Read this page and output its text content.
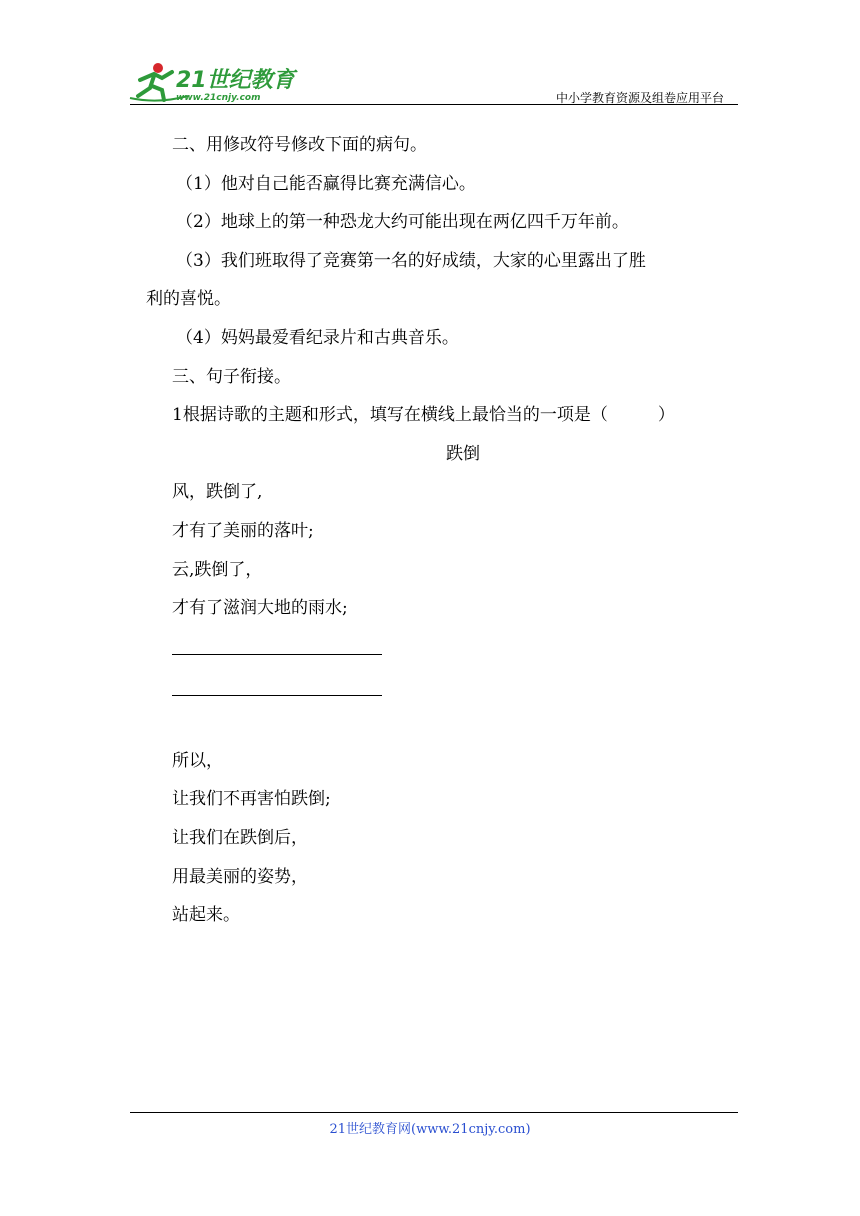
21世纪教育
www.21cnjy.com	中小学教育资源及组卷应用平台

二、用修改符号修改下面的病句。

（1）他对自己能否赢得比赛充满信心。

（2）地球上的第一种恐龙大约可能出现在两亿四千万年前。

（3）我们班取得了竞赛第一名的好成绩，大家的心里露出了胜

利的喜悦。

（4）妈妈最爱看纪录片和古典音乐。

三、句子衔接。

1根据诗歌的主题和形式，填写在横线上最恰当的一项是（	）

跌倒

风，跌倒了,

才有了美丽的落叶;

云,跌倒了，

才有了滋润大地的雨水;

所以，

让我们不再害怕跌倒;

让我们在跌倒后，

用最美丽的姿势，

站起来。

21世纪教育网(www.21cnjy.com)
